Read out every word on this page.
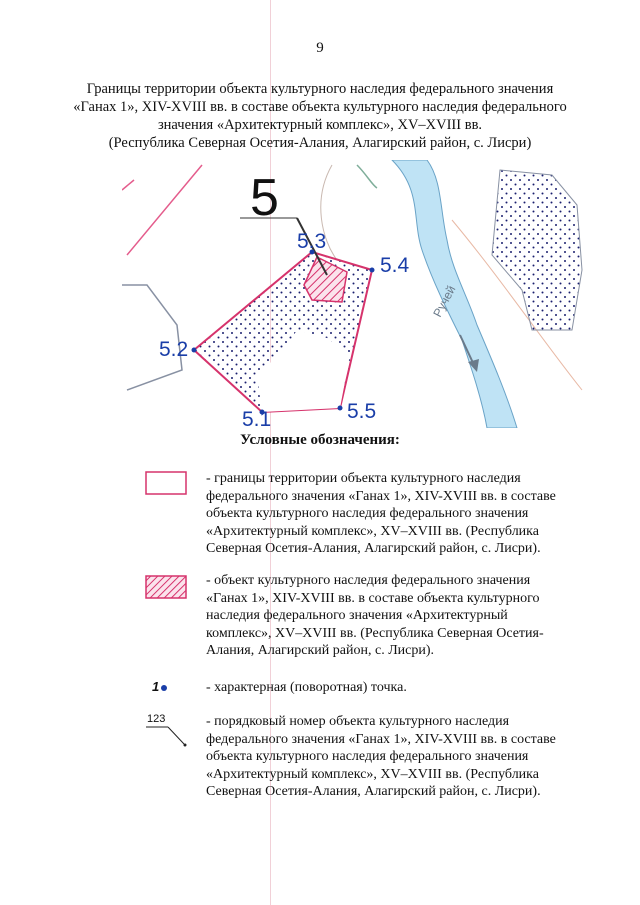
9
Границы территории объекта культурного наследия федерального значения
«Ганах 1», XIV-XVIII вв. в составе объекта культурного наследия федерального
значения «Архитектурный комплекс», XV–XVIII вв.
(Республика Северная Осетия-Алания, Алагирский район, с. Лисри)
Ручей
5
5.3
5.4
5.2
5.5
5.1
Условные обозначения:
- границы территории объекта культурного наследия
федерального значения «Ганах 1», XIV-XVIII вв. в составе
объекта культурного наследия федерального значения
«Архитектурный комплекс», XV–XVIII вв. (Республика
Северная Осетия-Алания, Алагирский район, с. Лисри).
- объект культурного наследия федерального значения
«Ганах 1», XIV-XVIII вв. в составе объекта культурного
наследия федерального значения «Архитектурный
комплекс», XV–XVIII вв. (Республика Северная Осетия-
Алания, Алагирский район, с. Лисри).
1	- характерная (поворотная) точка.
123	- порядковый номер объекта культурного наследия
федерального значения «Ганах 1», XIV-XVIII вв. в составе
объекта культурного наследия федерального значения
«Архитектурный комплекс», XV–XVIII вв. (Республика
Северная Осетия-Алания, Алагирский район, с. Лисри).
